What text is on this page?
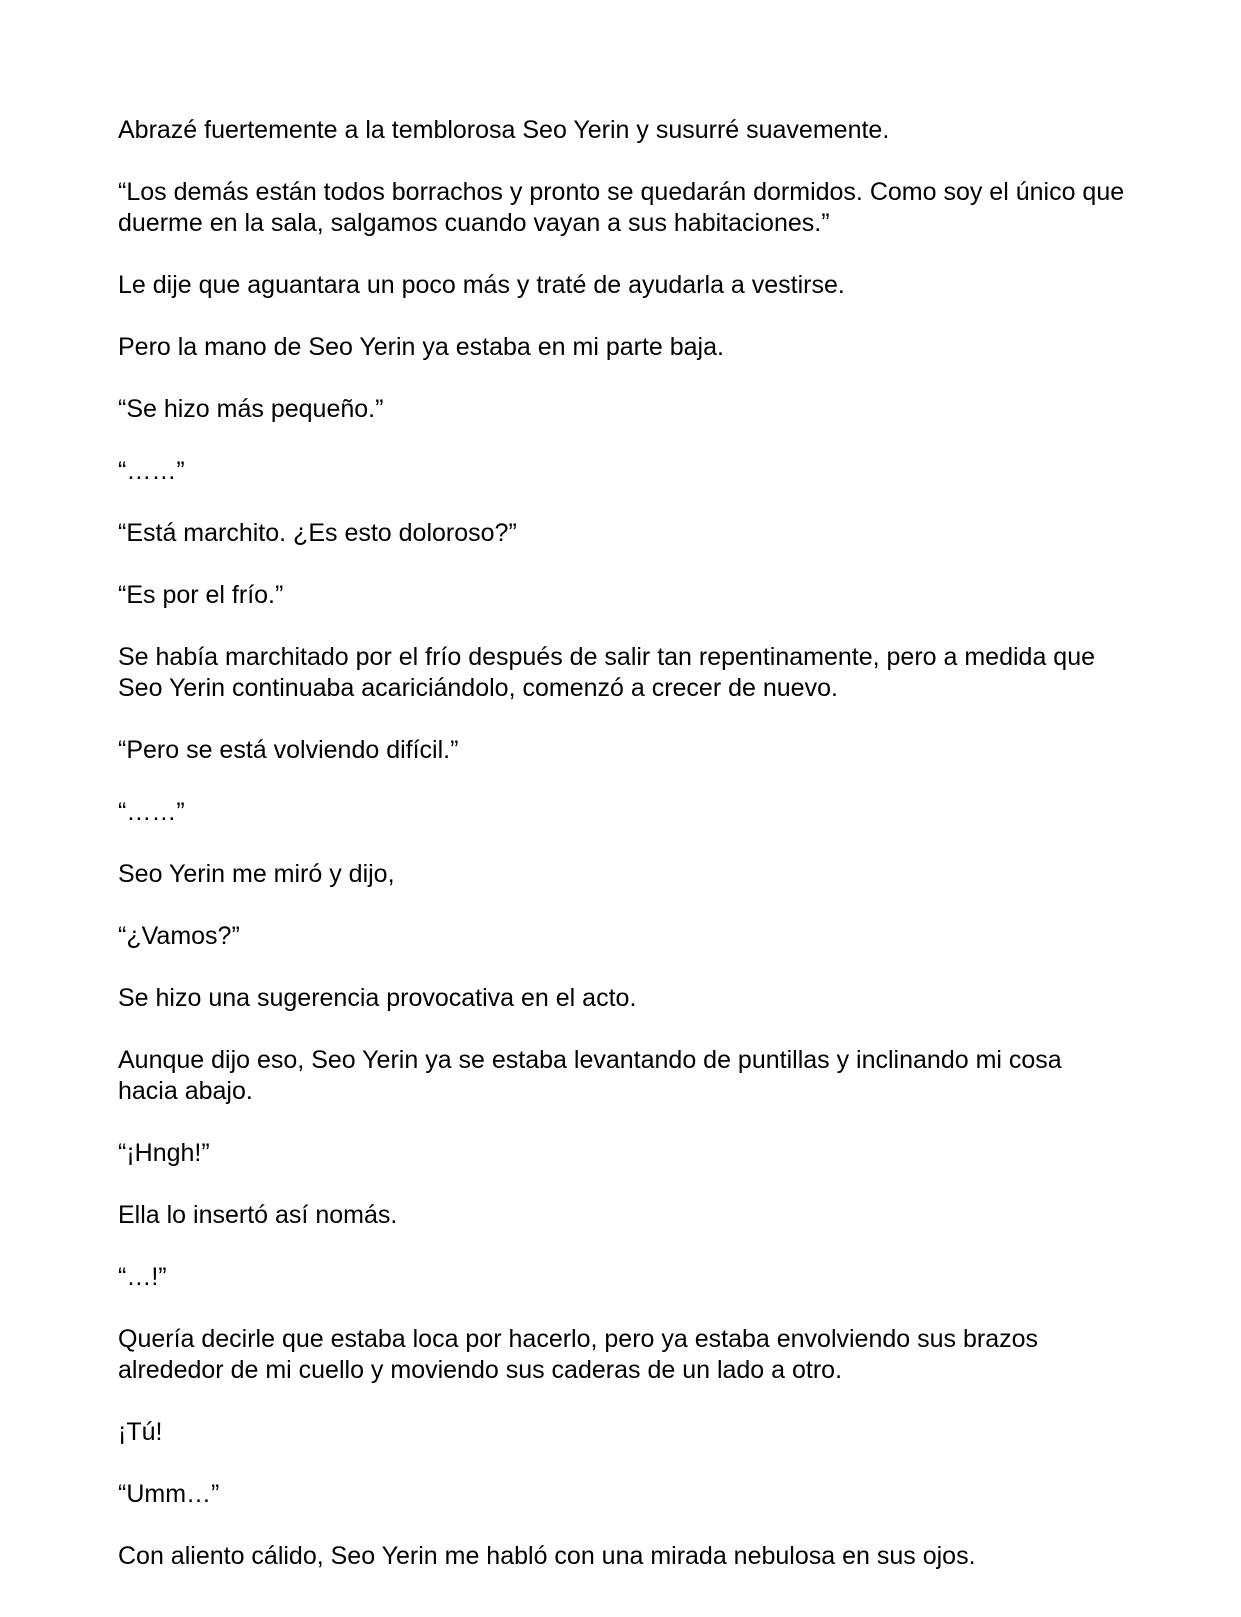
Abrazé fuertemente a la temblorosa Seo Yerin y susurré suavemente.

“Los demás están todos borrachos y pronto se quedarán dormidos. Como soy el único que duerme en la sala, salgamos cuando vayan a sus habitaciones.”

Le dije que aguantara un poco más y traté de ayudarla a vestirse.

Pero la mano de Seo Yerin ya estaba en mi parte baja.

“Se hizo más pequeño.”

“……”

“Está marchito. ¿Es esto doloroso?”

“Es por el frío.”

Se había marchitado por el frío después de salir tan repentinamente, pero a medida que Seo Yerin continuaba acariciándolo, comenzó a crecer de nuevo.

“Pero se está volviendo difícil.”

“……”

Seo Yerin me miró y dijo,

“¿Vamos?”

Se hizo una sugerencia provocativa en el acto.

Aunque dijo eso, Seo Yerin ya se estaba levantando de puntillas y inclinando mi cosa hacia abajo.

“¡Hngh!”

Ella lo insertó así nomás.

“…!”

Quería decirle que estaba loca por hacerlo, pero ya estaba envolviendo sus brazos alrededor de mi cuello y moviendo sus caderas de un lado a otro.

¡Tú!

“Umm…”

Con aliento cálido, Seo Yerin me habló con una mirada nebulosa en sus ojos.
